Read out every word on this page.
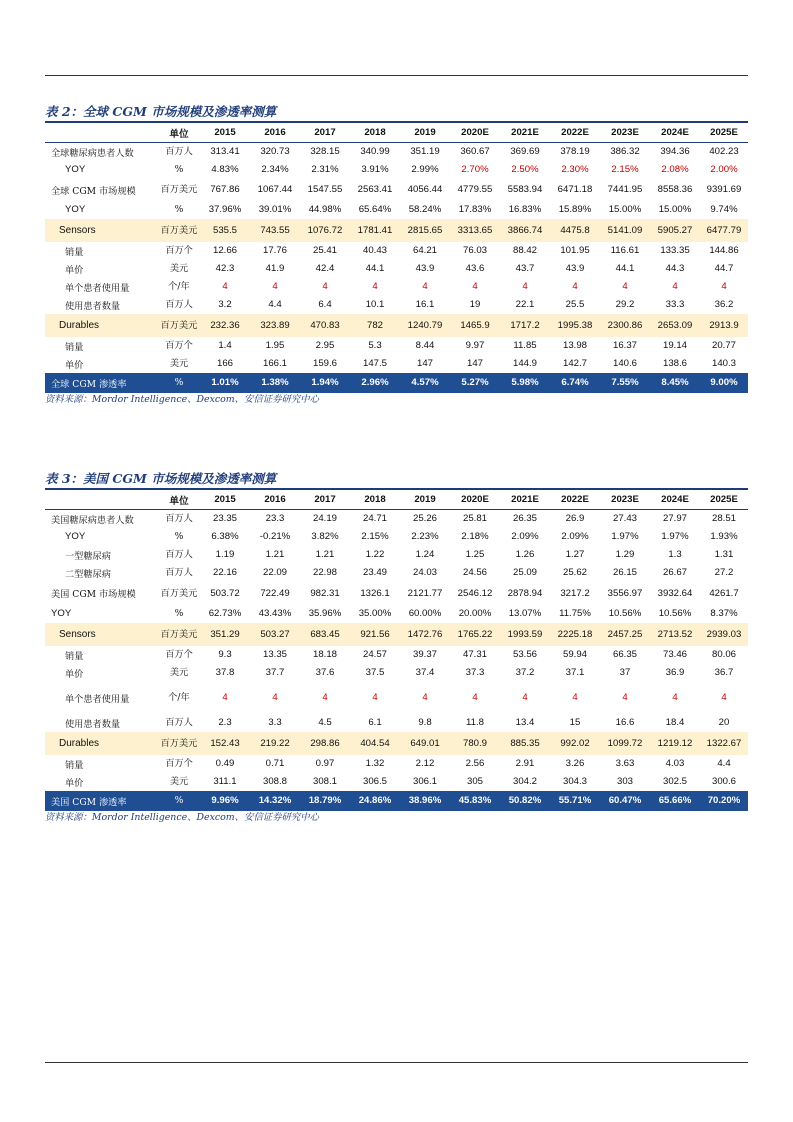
表 2：全球 CGM 市场规模及渗透率测算
	单位	2015	2016	2017	2018	2019	2020E	2021E	2022E	2023E	2024E	2025E
全球糖尿病患者人数	百万人	313.41	320.73	328.15	340.99	351.19	360.67	369.69	378.19	386.32	394.36	402.23
YOY	%	4.83%	2.34%	2.31%	3.91%	2.99%	2.70%	2.50%	2.30%	2.15%	2.08%	2.00%
全球 CGM 市场规模	百万美元	767.86	1067.44	1547.55	2563.41	4056.44	4779.55	5583.94	6471.18	7441.95	8558.36	9391.69
YOY	%	37.96%	39.01%	44.98%	65.64%	58.24%	17.83%	16.83%	15.89%	15.00%	15.00%	9.74%
Sensors	百万美元	535.5	743.55	1076.72	1781.41	2815.65	3313.65	3866.74	4475.8	5141.09	5905.27	6477.79
销量	百万个	12.66	17.76	25.41	40.43	64.21	76.03	88.42	101.95	116.61	133.35	144.86
单价	美元	42.3	41.9	42.4	44.1	43.9	43.6	43.7	43.9	44.1	44.3	44.7
单个患者使用量	个/年	4	4	4	4	4	4	4	4	4	4	4
使用患者数量	百万人	3.2	4.4	6.4	10.1	16.1	19	22.1	25.5	29.2	33.3	36.2
Durables	百万美元	232.36	323.89	470.83	782	1240.79	1465.9	1717.2	1995.38	2300.86	2653.09	2913.9
销量	百万个	1.4	1.95	2.95	5.3	8.44	9.97	11.85	13.98	16.37	19.14	20.77
单价	美元	166	166.1	159.6	147.5	147	147	144.9	142.7	140.6	138.6	140.3
全球 CGM 渗透率	%	1.01%	1.38%	1.94%	2.96%	4.57%	5.27%	5.98%	6.74%	7.55%	8.45%	9.00%
资料来源：Mordor Intelligence、Dexcom、安信证券研究中心
表 3：美国 CGM 市场规模及渗透率测算
	单位	2015	2016	2017	2018	2019	2020E	2021E	2022E	2023E	2024E	2025E
美国糖尿病患者人数	百万人	23.35	23.3	24.19	24.71	25.26	25.81	26.35	26.9	27.43	27.97	28.51
YOY	%	6.38%	-0.21%	3.82%	2.15%	2.23%	2.18%	2.09%	2.09%	1.97%	1.97%	1.93%
一型糖尿病	百万人	1.19	1.21	1.21	1.22	1.24	1.25	1.26	1.27	1.29	1.3	1.31
二型糖尿病	百万人	22.16	22.09	22.98	23.49	24.03	24.56	25.09	25.62	26.15	26.67	27.2
美国 CGM 市场规模	百万美元	503.72	722.49	982.31	1326.1	2121.77	2546.12	2878.94	3217.2	3556.97	3932.64	4261.7
YOY	%	62.73%	43.43%	35.96%	35.00%	60.00%	20.00%	13.07%	11.75%	10.56%	10.56%	8.37%
Sensors	百万美元	351.29	503.27	683.45	921.56	1472.76	1765.22	1993.59	2225.18	2457.25	2713.52	2939.03
销量	百万个	9.3	13.35	18.18	24.57	39.37	47.31	53.56	59.94	66.35	73.46	80.06
单价	美元	37.8	37.7	37.6	37.5	37.4	37.3	37.2	37.1	37	36.9	36.7
单个患者使用量	个/年	4	4	4	4	4	4	4	4	4	4	4
使用患者数量	百万人	2.3	3.3	4.5	6.1	9.8	11.8	13.4	15	16.6	18.4	20
Durables	百万美元	152.43	219.22	298.86	404.54	649.01	780.9	885.35	992.02	1099.72	1219.12	1322.67
销量	百万个	0.49	0.71	0.97	1.32	2.12	2.56	2.91	3.26	3.63	4.03	4.4
单价	美元	311.1	308.8	308.1	306.5	306.1	305	304.2	304.3	303	302.5	300.6
美国 CGM 渗透率	%	9.96%	14.32%	18.79%	24.86%	38.96%	45.83%	50.82%	55.71%	60.47%	65.66%	70.20%
资料来源：Mordor Intelligence、Dexcom、安信证券研究中心
